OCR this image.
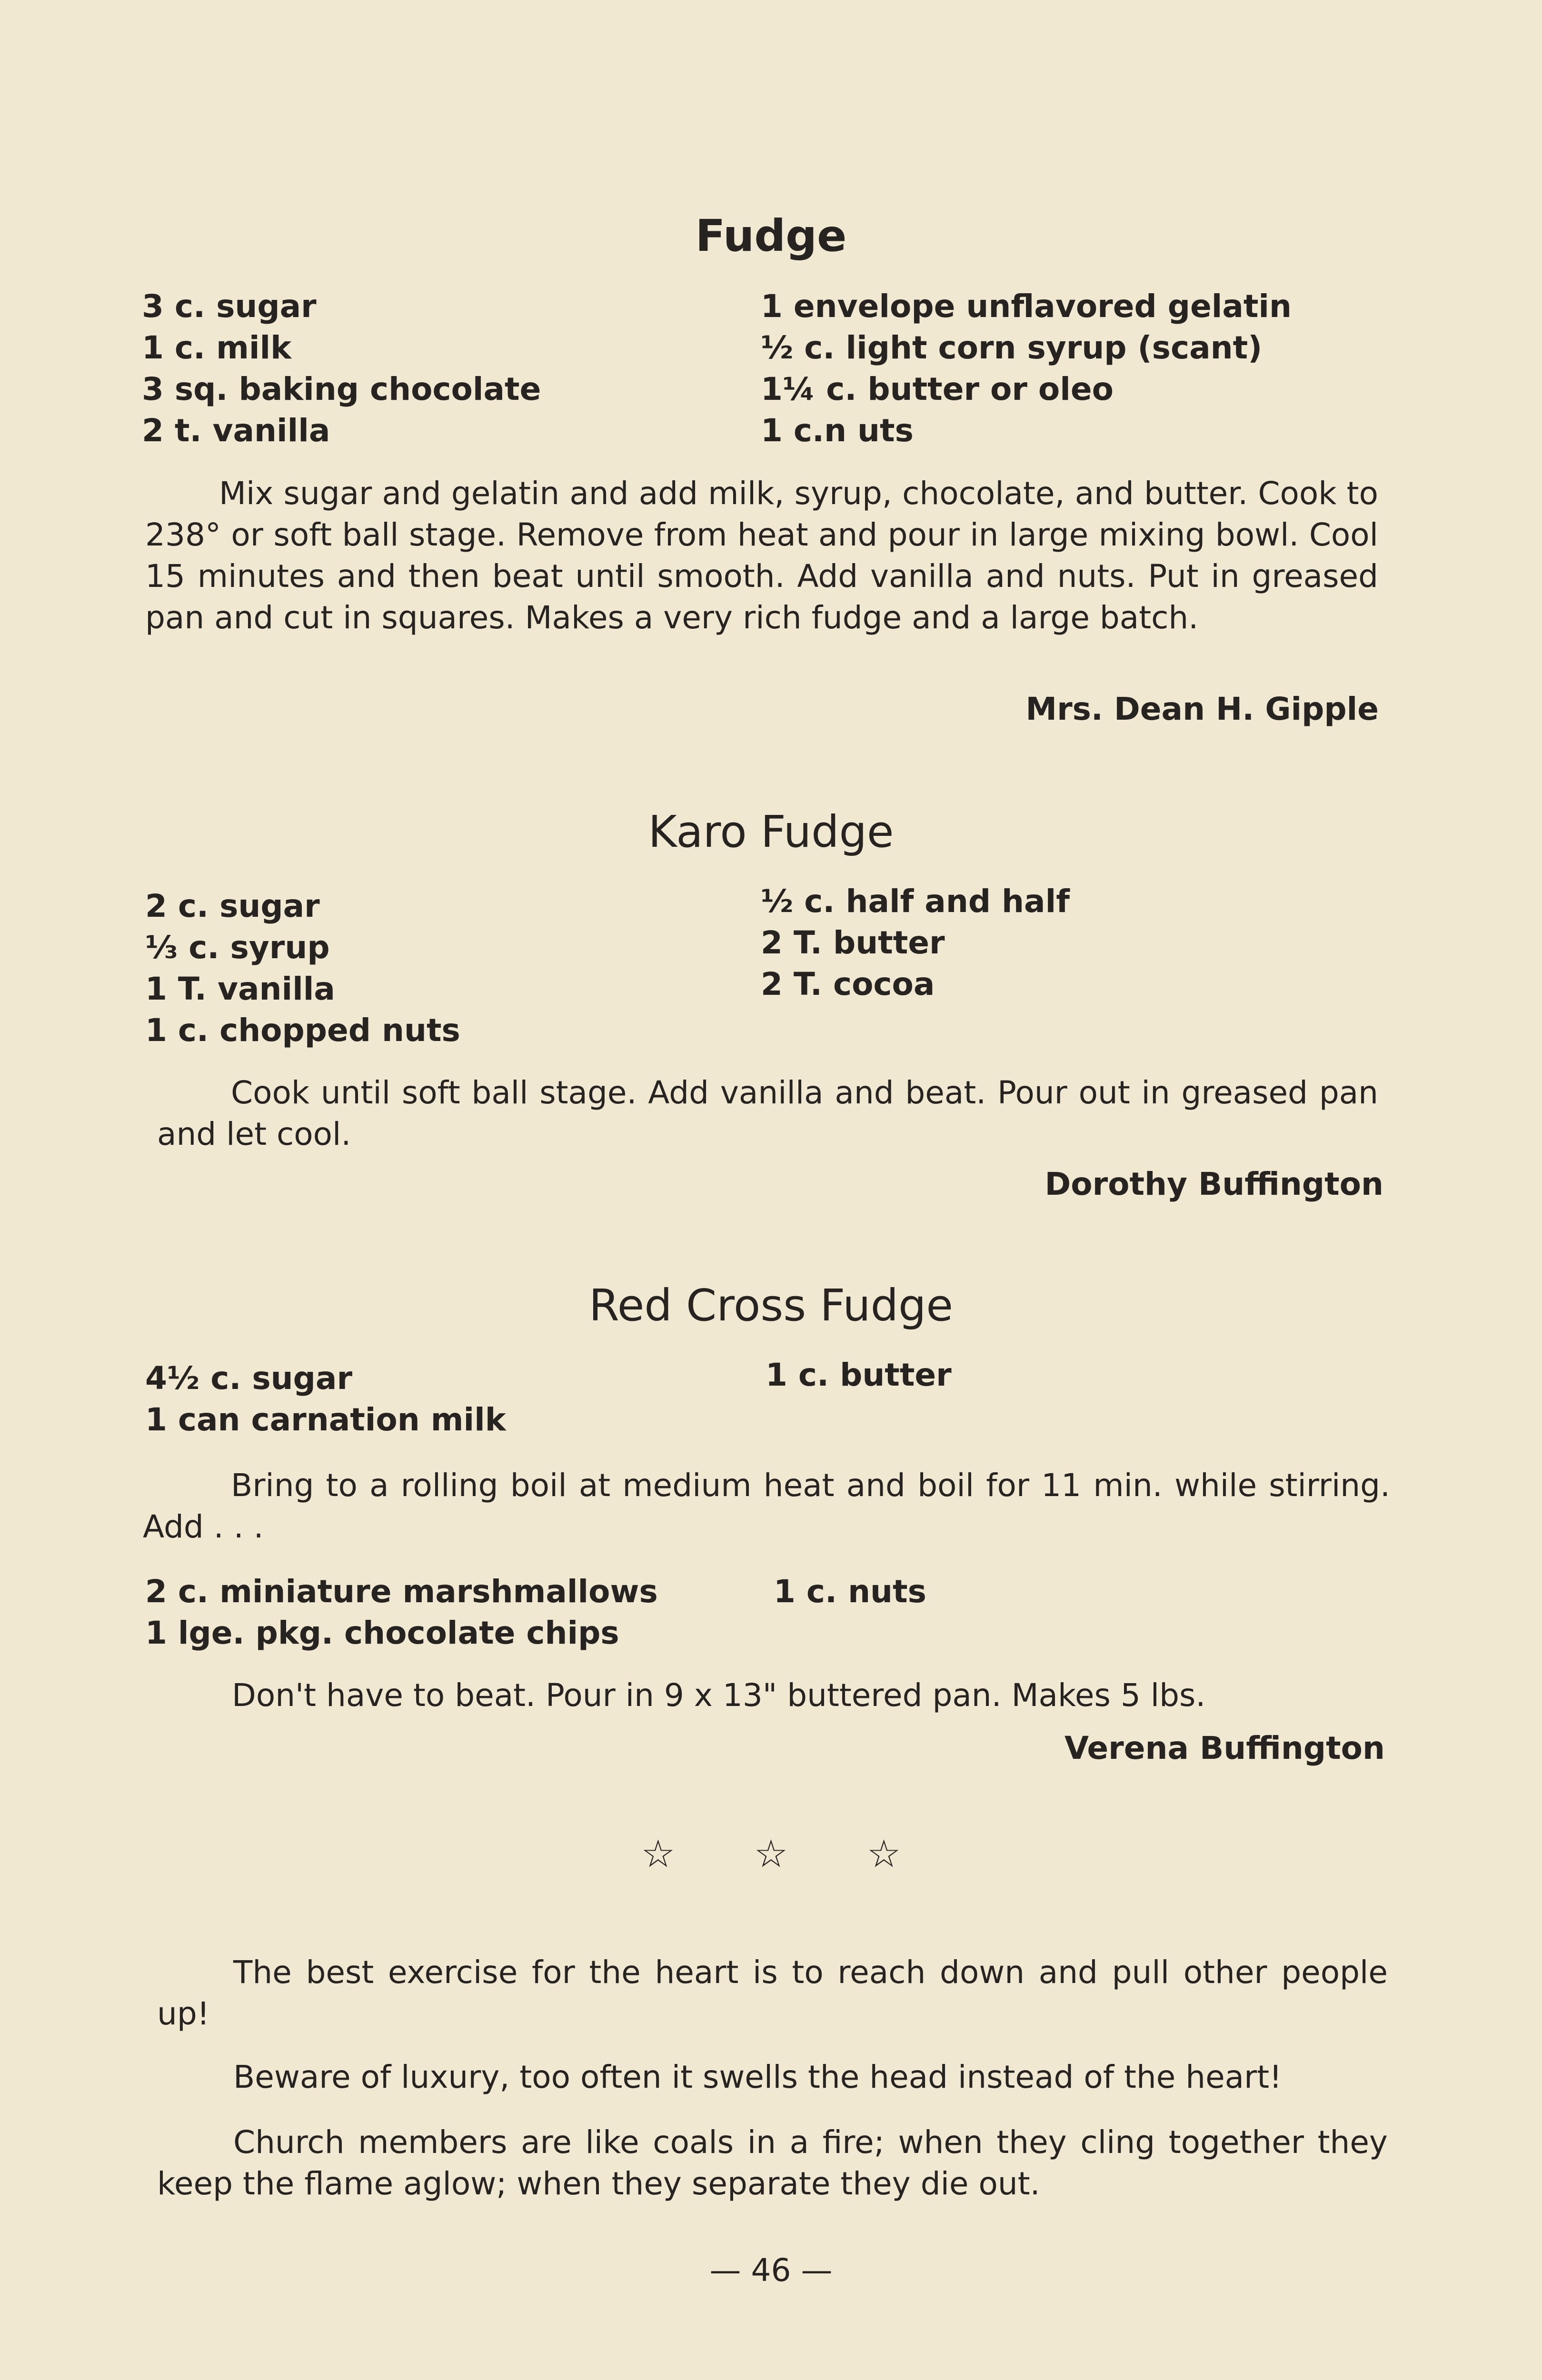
Fudge
3 c. sugar
1 c. milk
3 sq. baking chocolate
2 t. vanilla
1 envelope unflavored gelatin
½ c. light corn syrup (scant)
1¼ c. butter or oleo
1 c.n uts

Mix sugar and gelatin and add milk, syrup, chocolate, and butter. Cook to 238° or soft ball stage. Remove from heat and pour in large mixing bowl. Cool 15 minutes and then beat until smooth. Add vanilla and nuts. Put in greased pan and cut in squares. Makes a very rich fudge and a large batch.

Mrs. Dean H. Gipple
Karo Fudge
2 c. sugar
⅓ c. syrup
1 T. vanilla
1 c. chopped nuts
½ c. half and half
2 T. butter
2 T. cocoa

Cook until soft ball stage. Add vanilla and beat. Pour out in greased pan and let cool.

Dorothy Buffington
Red Cross Fudge
4½ c. sugar
1 can carnation milk
1 c. butter

Bring to a rolling boil at medium heat and boil for 11 min. while stirring. Add . . .

2 c. miniature marshmallows
1 lge. pkg. chocolate chips
1 c. nuts

Don't have to beat. Pour in 9 x 13" buttered pan. Makes 5 lbs.

Verena Buffington
☆ ☆ ☆

The best exercise for the heart is to reach down and pull other people up!

Beware of luxury, too often it swells the head instead of the heart!

Church members are like coals in a fire; when they cling together they keep the flame aglow; when they separate they die out.

— 46 —
